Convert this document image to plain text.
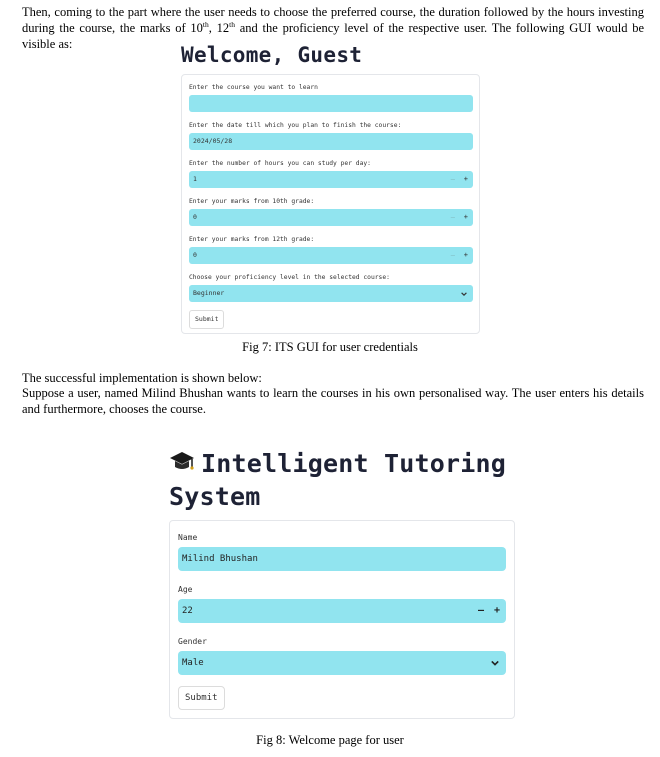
Then, coming to the part where the user needs to choose the preferred course, the duration followed by the hours investing during the course, the marks of 10th, 12th and the proficiency level of the respective user. The following GUI would be visible as:	Welcome, Guest
Enter the course you want to learn
Enter the date till which you plan to finish the course:
2024/05/28
Enter the number of hours you can study per day:
1	– +
Enter your marks from 10th grade:
0	– +
Enter your marks from 12th grade:
0	– +
Choose your proficiency level in the selected course:
Beginner
Submit
Fig 7: ITS GUI for user credentials

The successful implementation is shown below:

Suppose a user, named Milind Bhushan wants to learn the courses in his own personalised way. The user enters his details and furthermore, chooses the course.

Intelligent Tutoring
System
Name
Milind Bhushan
Age
22	– +
Gender
Male
Submit
Fig 8: Welcome page for user
